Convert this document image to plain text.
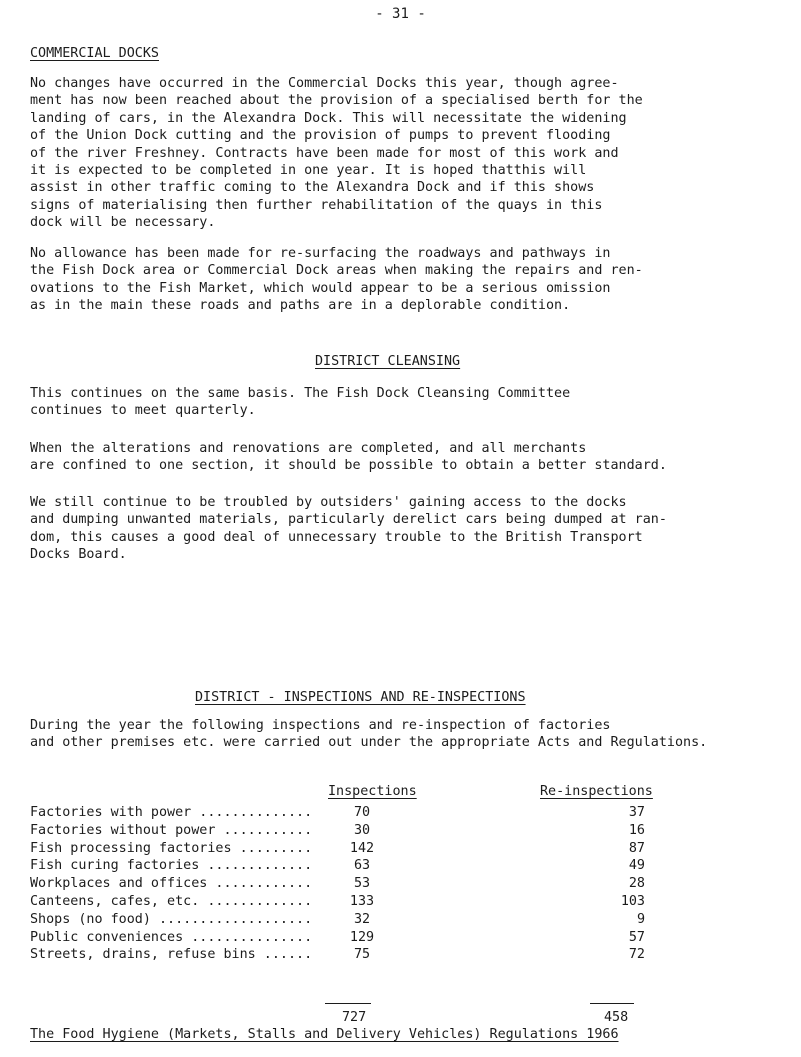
- 31 -
COMMERCIAL DOCKS
No changes have occurred in the Commercial Docks this year, though agree-
ment has now been reached about the provision of a specialised berth for the
landing of cars, in the Alexandra Dock. This will necessitate the widening
of the Union Dock cutting and the provision of pumps to prevent flooding
of the river Freshney. Contracts have been made for most of this work and
it is expected to be completed in one year. It is hoped thatthis will
assist in other traffic coming to the Alexandra Dock and if this shows
signs of materialising then further rehabilitation of the quays in this
dock will be necessary.
No allowance has been made for re-surfacing the roadways and pathways in
the Fish Dock area or Commercial Dock areas when making the repairs and ren-
ovations to the Fish Market, which would appear to be a serious omission
as in the main these roads and paths are in a deplorable condition.
DISTRICT CLEANSING
This continues on the same basis. The Fish Dock Cleansing Committee
continues to meet quarterly.
When the alterations and renovations are completed, and all merchants
are confined to one section, it should be possible to obtain a better standard.
We still continue to be troubled by outsiders' gaining access to the docks
and dumping unwanted materials, particularly derelict cars being dumped at ran-
dom, this causes a good deal of unnecessary trouble to the British Transport
Docks Board.
DISTRICT - INSPECTIONS AND RE-INSPECTIONS
During the year the following inspections and re-inspection of factories
and other premises etc. were carried out under the appropriate Acts and Regulations.
Inspections	Re-inspections
Factories with power ..............	70	37
Factories without power ...........	30	16
Fish processing factories .........	142	87
Fish curing factories .............	63	49
Workplaces and offices ............	53	28
Canteens, cafes, etc. .............	133	103
Shops (no food) ...................	32	9
Public conveniences ...............	129	57
Streets, drains, refuse bins ......	75	72
727	458
The Food Hygiene (Markets, Stalls and Delivery Vehicles) Regulations 1966
